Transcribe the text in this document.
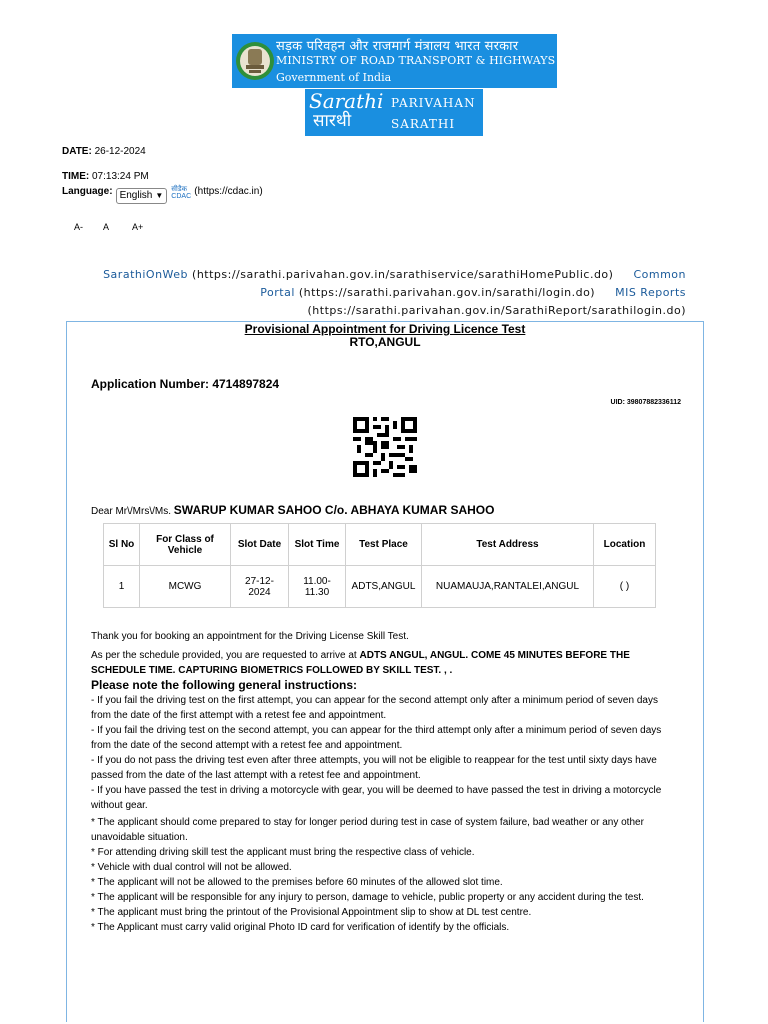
सड़क परिवहन और राजमार्ग मंत्रालय भारत सरकार
MINISTRY OF ROAD TRANSPORT & HIGHWAYS
Government of India
Sarathi
सारथी
PARIVAHAN
SARATHI
DATE: 26-12-2024
TIME: 07:13:24 PM
Language: English ▼
सीडैक CDAC (https://cdac.in)
A- A	A+
SarathiOnWeb (https://sarathi.parivahan.gov.in/sarathiservice/sarathiHomePublic.do) Common Portal (https://sarathi.parivahan.gov.in/sarathi/login.do) MIS Reports (https://sarathi.parivahan.gov.in/SarathiReport/sarathilogin.do)
Provisional Appointment for Driving Licence Test
RTO,ANGUL
Application Number: 4714897824
UID: 39807882336112
Dear Mr\/Mrs\/Ms. SWARUP KUMAR SAHOO C/o. ABHAYA KUMAR SAHOO
Sl No	For Class of Vehicle	Slot Date	Slot Time	Test Place	Test Address	Location
1	MCWG	27-12-2024	11.00-11.30	ADTS,ANGUL	NUAMAUJA,RANTALEI,ANGUL	( )

Thank you for booking an appointment for the Driving License Skill Test.

As per the schedule provided, you are requested to arrive at ADTS ANGUL, ANGUL. COME 45 MINUTES BEFORE THE SCHEDULE TIME. CAPTURING BIOMETRICS FOLLOWED BY SKILL TEST. , .

Please note the following general instructions:

- If you fail the driving test on the first attempt, you can appear for the second attempt only after a minimum period of seven days from the date of the first attempt with a retest fee and appointment.

- If you fail the driving test on the second attempt, you can appear for the third attempt only after a minimum period of seven days from the date of the second attempt with a retest fee and appointment.

- If you do not pass the driving test even after three attempts, you will not be eligible to reappear for the test until sixty days have passed from the date of the last attempt with a retest fee and appointment.

- If you have passed the test in driving a motorcycle with gear, you will be deemed to have passed the test in driving a motorcycle without gear.

* The applicant should come prepared to stay for longer period during test in case of system failure, bad weather or any other unavoidable situation.

* For attending driving skill test the applicant must bring the respective class of vehicle.

* Vehicle with dual control will not be allowed.

* The applicant will not be allowed to the premises before 60 minutes of the allowed slot time.

* The applicant will be responsible for any injury to person, damage to vehicle, public property or any accident during the test.

* The applicant must bring the printout of the Provisional Appointment slip to show at DL test centre.

* The Applicant must carry valid original Photo ID card for verification of identify by the officials.
